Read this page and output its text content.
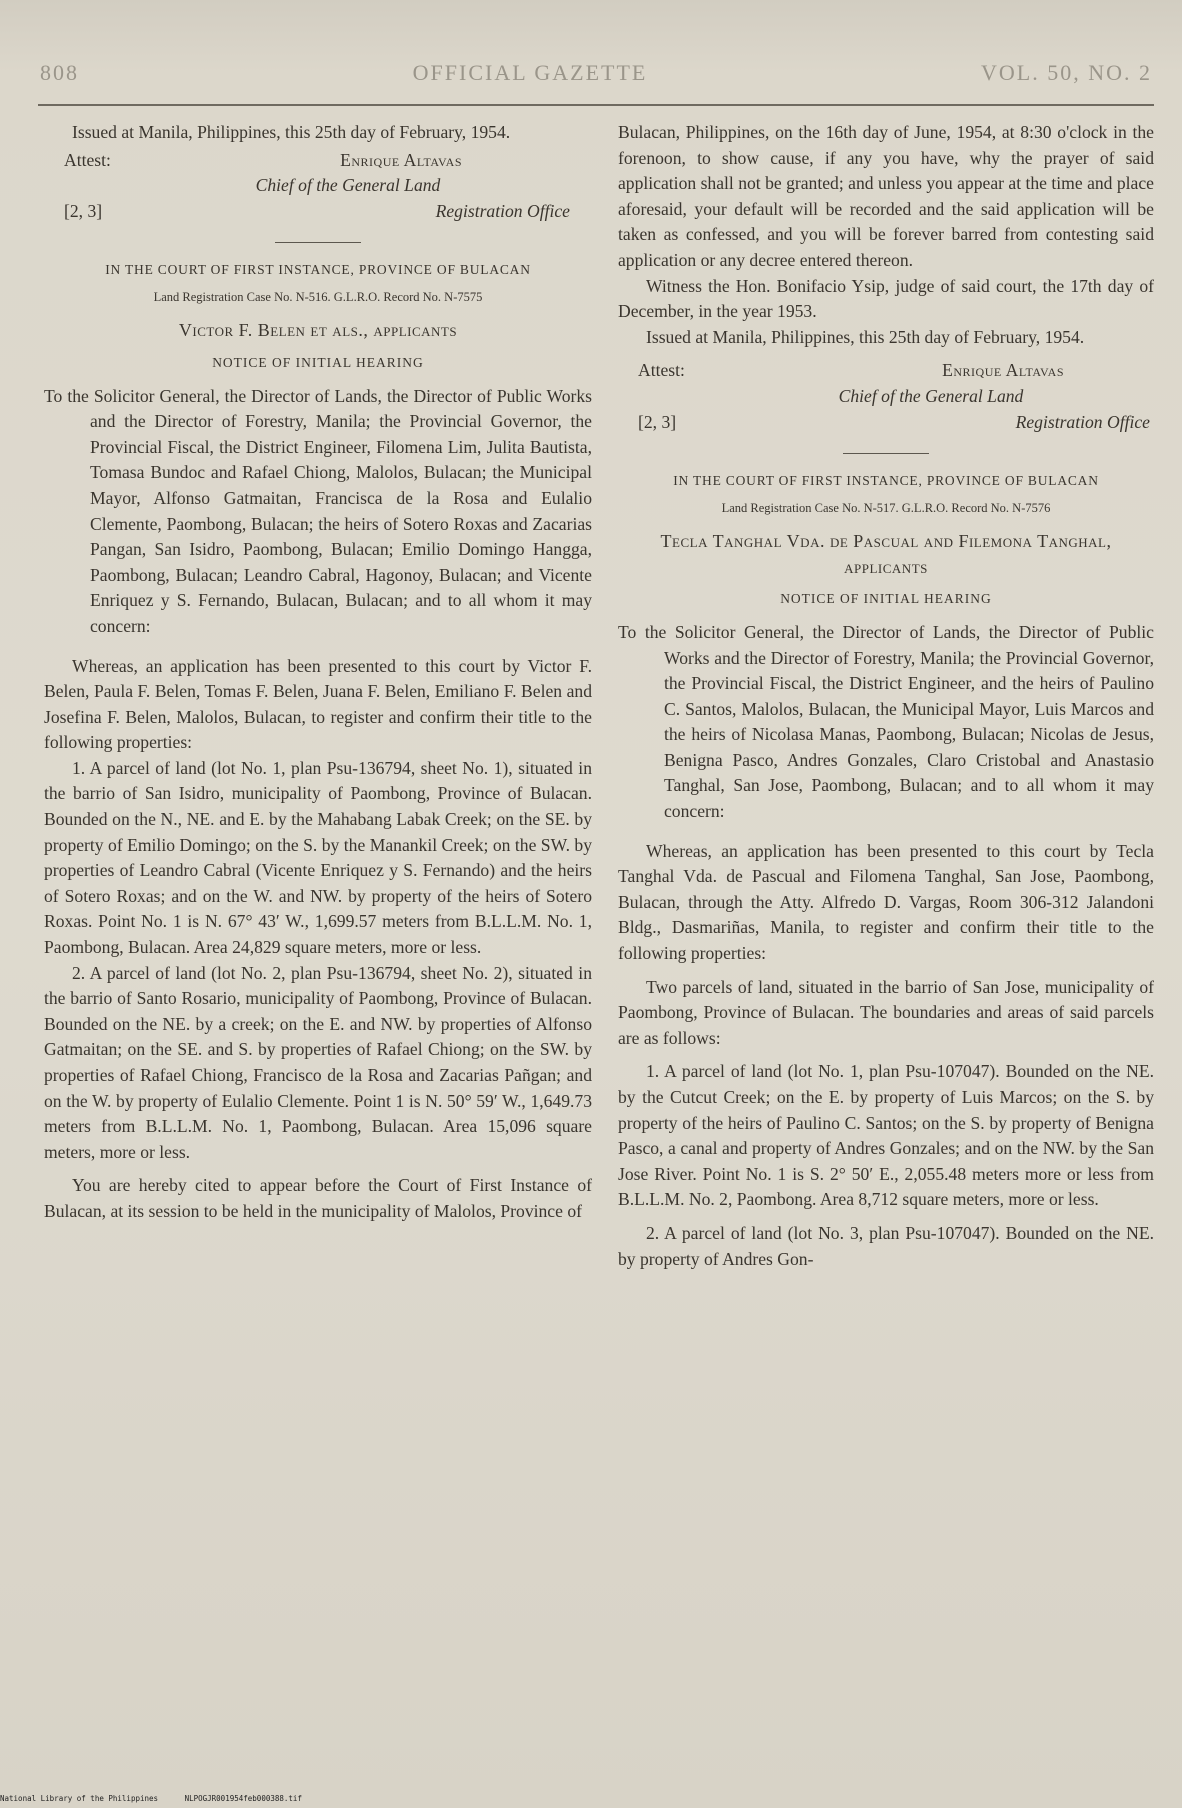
808	OFFICIAL GAZETTE	VOL. 50, NO. 2

Issued at Manila, Philippines, this 25th day of February, 1954.

Attest:	Enrique Altavas
Chief of the General Land
[2, 3]	Registration Office
IN THE COURT OF FIRST INSTANCE, PROVINCE OF BULACAN
Land Registration Case No. N-516. G.L.R.O. Record No. N-7575
Victor F. Belen et als., applicants
NOTICE OF INITIAL HEARING

To the Solicitor General, the Director of Lands, the Director of Public Works and the Director of Forestry, Manila; the Provincial Governor, the Provincial Fiscal, the District Engineer, Filomena Lim, Julita Bautista, Tomasa Bundoc and Rafael Chiong, Malolos, Bulacan; the Municipal Mayor, Alfonso Gatmaitan, Francisca de la Rosa and Eulalio Clemente, Paombong, Bulacan; the heirs of Sotero Roxas and Zacarias Pangan, San Isidro, Paombong, Bulacan; Emilio Domingo Hangga, Paombong, Bulacan; Leandro Cabral, Hagonoy, Bulacan; and Vicente Enriquez y S. Fernando, Bulacan, Bulacan; and to all whom it may concern:

Whereas, an application has been presented to this court by Victor F. Belen, Paula F. Belen, Tomas F. Belen, Juana F. Belen, Emiliano F. Belen and Josefina F. Belen, Malolos, Bulacan, to register and confirm their title to the following properties:

1. A parcel of land (lot No. 1, plan Psu-136794, sheet No. 1), situated in the barrio of San Isidro, municipality of Paombong, Province of Bulacan. Bounded on the N., NE. and E. by the Mahabang Labak Creek; on the SE. by property of Emilio Domingo; on the S. by the Manankil Creek; on the SW. by properties of Leandro Cabral (Vicente Enriquez y S. Fernando) and the heirs of Sotero Roxas; and on the W. and NW. by property of the heirs of Sotero Roxas. Point No. 1 is N. 67° 43′ W., 1,699.57 meters from B.L.L.M. No. 1, Paombong, Bulacan. Area 24,829 square meters, more or less.

2. A parcel of land (lot No. 2, plan Psu-136794, sheet No. 2), situated in the barrio of Santo Rosario, municipality of Paombong, Province of Bulacan. Bounded on the NE. by a creek; on the E. and NW. by properties of Alfonso Gatmaitan; on the SE. and S. by properties of Rafael Chiong; on the SW. by properties of Rafael Chiong, Francisco de la Rosa and Zacarias Pañgan; and on the W. by property of Eulalio Clemente. Point 1 is N. 50° 59′ W., 1,649.73 meters from B.L.L.M. No. 1, Paombong, Bulacan. Area 15,096 square meters, more or less.

You are hereby cited to appear before the Court of First Instance of Bulacan, at its session to be held in the municipality of Malolos, Province of

Bulacan, Philippines, on the 16th day of June, 1954, at 8:30 o'clock in the forenoon, to show cause, if any you have, why the prayer of said application shall not be granted; and unless you appear at the time and place aforesaid, your default will be recorded and the said application will be taken as confessed, and you will be forever barred from contesting said application or any decree entered thereon.

Witness the Hon. Bonifacio Ysip, judge of said court, the 17th day of December, in the year 1953.

Issued at Manila, Philippines, this 25th day of February, 1954.

Attest:	Enrique Altavas
Chief of the General Land
[2, 3]	Registration Office
IN THE COURT OF FIRST INSTANCE, PROVINCE OF BULACAN
Land Registration Case No. N-517. G.L.R.O. Record No. N-7576
Tecla Tanghal Vda. de Pascual and Filemona Tanghal, applicants
NOTICE OF INITIAL HEARING

To the Solicitor General, the Director of Lands, the Director of Public Works and the Director of Forestry, Manila; the Provincial Governor, the Provincial Fiscal, the District Engineer, and the heirs of Paulino C. Santos, Malolos, Bulacan, the Municipal Mayor, Luis Marcos and the heirs of Nicolasa Manas, Paombong, Bulacan; Nicolas de Jesus, Benigna Pasco, Andres Gonzales, Claro Cristobal and Anastasio Tanghal, San Jose, Paombong, Bulacan; and to all whom it may concern:

Whereas, an application has been presented to this court by Tecla Tanghal Vda. de Pascual and Filomena Tanghal, San Jose, Paombong, Bulacan, through the Atty. Alfredo D. Vargas, Room 306-312 Jalandoni Bldg., Dasmariñas, Manila, to register and confirm their title to the following properties:

Two parcels of land, situated in the barrio of San Jose, municipality of Paombong, Province of Bulacan. The boundaries and areas of said parcels are as follows:

1. A parcel of land (lot No. 1, plan Psu-107047). Bounded on the NE. by the Cutcut Creek; on the E. by property of Luis Marcos; on the S. by property of the heirs of Paulino C. Santos; on the S. by property of Benigna Pasco, a canal and property of Andres Gonzales; and on the NW. by the San Jose River. Point No. 1 is S. 2° 50′ E., 2,055.48 meters more or less from B.L.L.M. No. 2, Paombong. Area 8,712 square meters, more or less.

2. A parcel of land (lot No. 3, plan Psu-107047). Bounded on the NE. by property of Andres Gon-

National Library of the Philippines	NLPOGJR001954feb000388.tif
